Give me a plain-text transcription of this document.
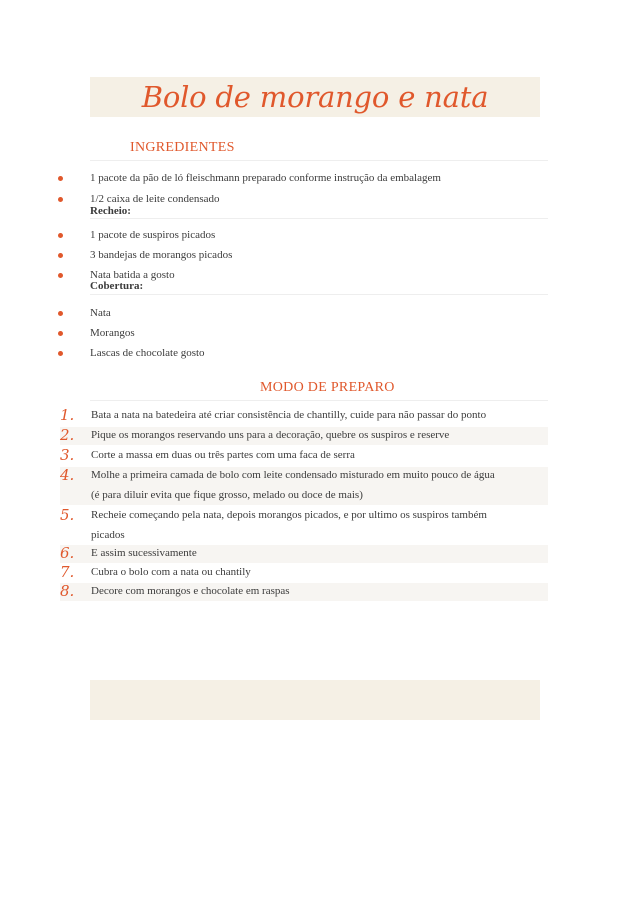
Bolo de morango e nata
INGREDIENTES
1 pacote da pão de ló fleischmann preparado conforme instrução da embalagem
1/2 caixa de leite condensado
Recheio:
1 pacote de suspiros picados
3 bandejas de morangos picados
Nata batida a gosto
Cobertura:
Nata
Morangos
Lascas de chocolate gosto
MODO DE PREPARO
1. Bata a nata na batedeira até criar consistência de chantilly, cuide para não passar do ponto
2. Pique os morangos reservando uns para a decoração, quebre os suspiros e reserve
3. Corte a massa em duas ou três partes com uma faca de serra
4. Molhe a primeira camada de bolo com leite condensado misturado em muito pouco de água
(é para diluir evita que fique grosso, melado ou doce de mais)
5. Recheie começando pela nata, depois morangos picados, e por ultimo os suspiros também
picados
6. E assim sucessivamente
7. Cubra o bolo com a nata ou chantily
8. Decore com morangos e chocolate em raspas
